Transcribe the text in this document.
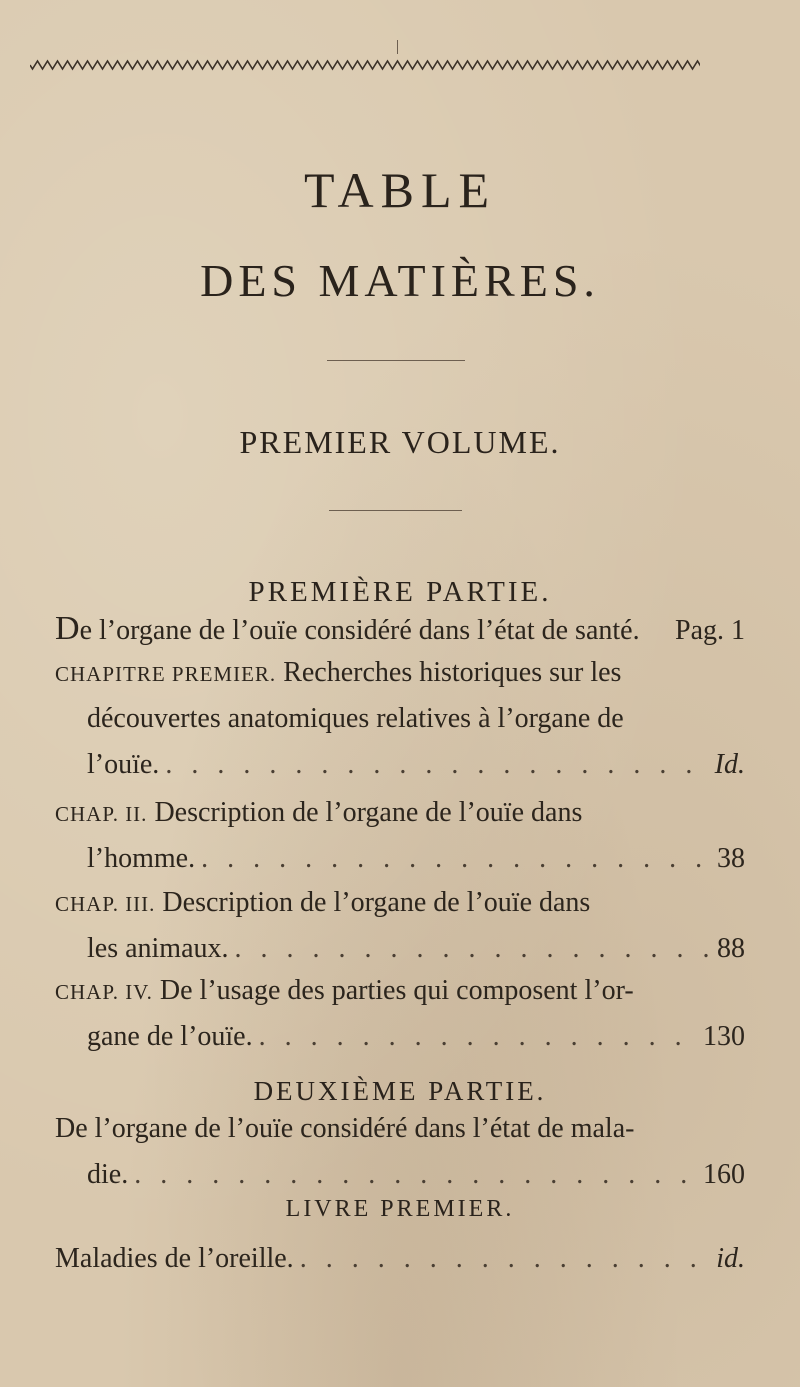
TABLE
DES MATIÈRES.
PREMIER VOLUME.
PREMIÈRE PARTIE.
De l’organe de l’ouïe considéré dans l’état de santé. Pag. 1
CHAPITRE PREMIER. Recherches historiques sur les
découvertes anatomiques relatives à l’organe de
l’ouïe. . . .	Id.
CHAP. II. Description de l’organe de l’ouïe dans
l’homme. . . .	38
CHAP. III. Description de l’organe de l’ouïe dans
les animaux. . . .	88
DEUXIÈME PARTIE.
CHAP. IV. De l’usage des parties qui composent l’or-
gane de l’ouïe. . . .	130
De l’organe de l’ouïe considéré dans l’état de mala-
die. . . .	160
Maladies de l’oreille. . . .	id.
LIVRE PREMIER.
